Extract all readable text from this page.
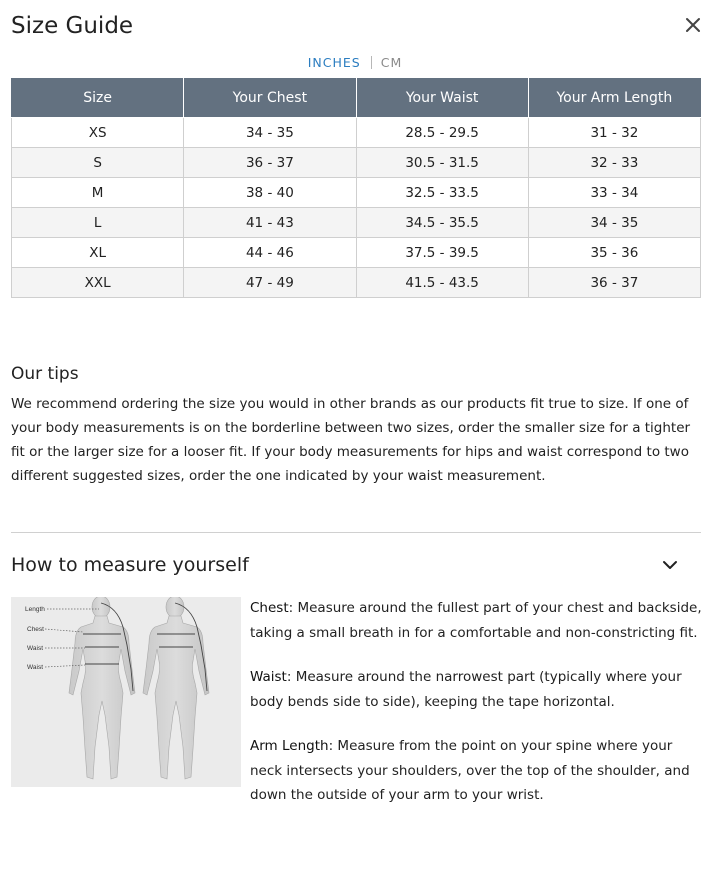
Size Guide
INCHES CM
Size	Your Chest	Your Waist	Your Arm Length
XS	34 - 35	28.5 - 29.5	31 - 32
S	36 - 37	30.5 - 31.5	32 - 33
M	38 - 40	32.5 - 33.5	33 - 34
L	41 - 43	34.5 - 35.5	34 - 35
XL	44 - 46	37.5 - 39.5	35 - 36
XXL	47 - 49	41.5 - 43.5	36 - 37
Our tips

We recommend ordering the size you would in other brands as our products fit true to size. If one of your body measurements is on the borderline between two sizes, order the smaller size for a tighter fit or the larger size for a looser fit. If your body measurements for hips and waist correspond to two different suggested sizes, order the one indicated by your waist measurement.

How to measure yourself
Length
Chest
Waist
Waist

Chest: Measure around the fullest part of your chest and backside, taking a small breath in for a comfortable and non-constricting fit.

Waist: Measure around the narrowest part (typically where your body bends side to side), keeping the tape horizontal.

Arm Length: Measure from the point on your spine where your neck intersects your shoulders, over the top of the shoulder, and down the outside of your arm to your wrist.
